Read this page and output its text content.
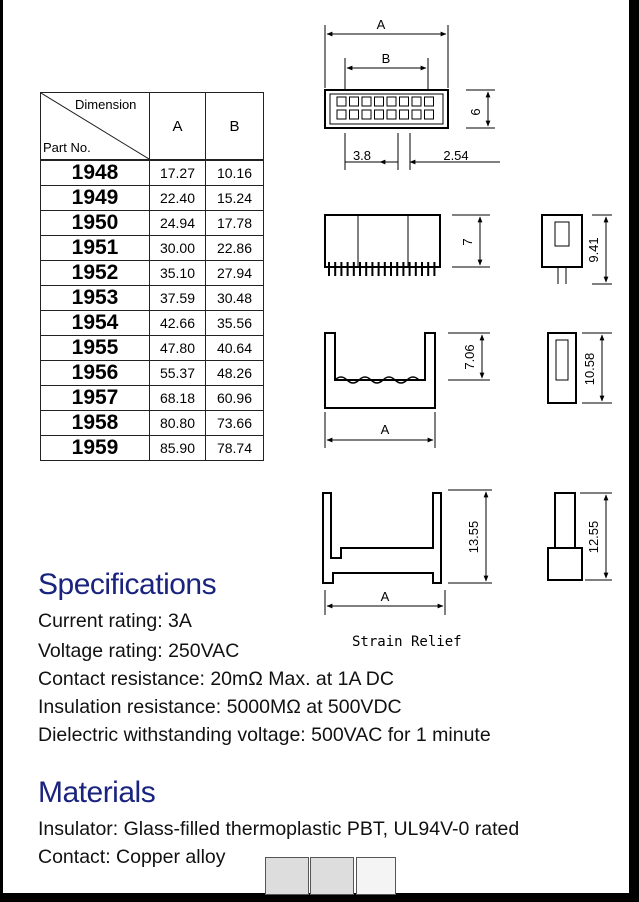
Dimension
Part No.	A	B
1948	17.27	10.16
1949	22.40	15.24
1950	24.94	17.78
1951	30.00	22.86
1952	35.10	27.94
1953	37.59	30.48
1954	42.66	35.56
1955	47.80	40.64
1956	55.37	48.26
1957	68.18	60.96
1958	80.80	73.66
1959	85.90	78.74
A
B
6
3.8	2.54
7	9.41
7.06	10.58
A
13.55	12.55
A
Strain Relief
Specifications
Current rating: 3A
Voltage rating: 250VAC
Contact resistance: 20mΩ Max. at 1A DC
Insulation resistance: 5000MΩ at 500VDC
Dielectric withstanding voltage: 500VAC for 1 minute
Materials
Insulator: Glass-filled thermoplastic PBT, UL94V-0 rated
Contact: Copper alloy
